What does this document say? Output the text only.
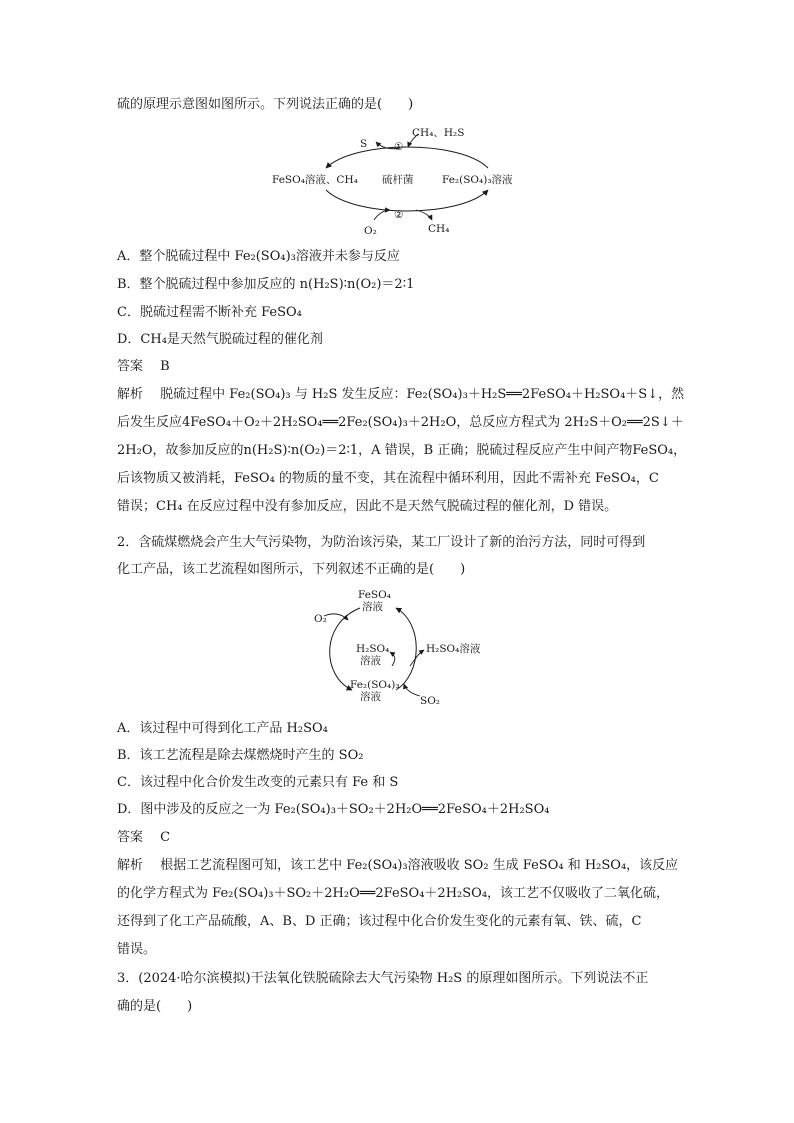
硫的原理示意图如图所示。下列说法正确的是(　　)
S
CH₄、H₂S
①
FeSO₄溶液、CH₄ 硫杆菌	Fe₂(SO₄)₃溶液
②
O₂	CH₄
A．整个脱硫过程中 Fe₂(SO₄)₃溶液并未参与反应
B．整个脱硫过程中参加反应的 n(H₂S)∶n(O₂)＝2∶1
C．脱硫过程需不断补充 FeSO₄
D．CH₄是天然气脱硫过程的催化剂
答案　 B
解析　 脱硫过程中 Fe₂(SO₄)₃ 与 H₂S 发生反应：Fe₂(SO₄)₃＋H₂S══2FeSO₄＋H₂SO₄＋S↓，然
后发生反应4FeSO₄＋O₂＋2H₂SO₄══2Fe₂(SO₄)₃＋2H₂O，总反应方程式为 2H₂S＋O₂══2S↓＋
2H₂O，故参加反应的n(H₂S)∶n(O₂)＝2∶1，A 错误，B 正确；脱硫过程反应产生中间产物FeSO₄，
后该物质又被消耗，FeSO₄ 的物质的量不变，其在流程中循环利用，因此不需补充 FeSO₄，C
错误；CH₄ 在反应过程中没有参加反应，因此不是天然气脱硫过程的催化剂，D 错误。
2．含硫煤燃烧会产生大气污染物，为防治该污染，某工厂设计了新的治污方法，同时可得到
化工产品，该工艺流程如图所示，下列叙述不正确的是(　　)
FeSO₄
溶液
O₂
H₂SO₄
溶液
H₂SO₄溶液
Fe₂(SO₄)₃
溶液	SO₂
A．该过程中可得到化工产品 H₂SO₄
B．该工艺流程是除去煤燃烧时产生的 SO₂
C．该过程中化合价发生改变的元素只有 Fe 和 S
D．图中涉及的反应之一为 Fe₂(SO₄)₃＋SO₂＋2H₂O══2FeSO₄＋2H₂SO₄
答案　 C
解析　 根据工艺流程图可知，该工艺中 Fe₂(SO₄)₃溶液吸收 SO₂ 生成 FeSO₄ 和 H₂SO₄，该反应
的化学方程式为 Fe₂(SO₄)₃＋SO₂＋2H₂O══2FeSO₄＋2H₂SO₄，该工艺不仅吸收了二氧化硫，
还得到了化工产品硫酸，A、B、D 正确；该过程中化合价发生变化的元素有氧、铁、硫，C
错误。
3．(2024·哈尔滨模拟)干法氧化铁脱硫除去大气污染物 H₂S 的原理如图所示。下列说法不正
确的是(　　)
